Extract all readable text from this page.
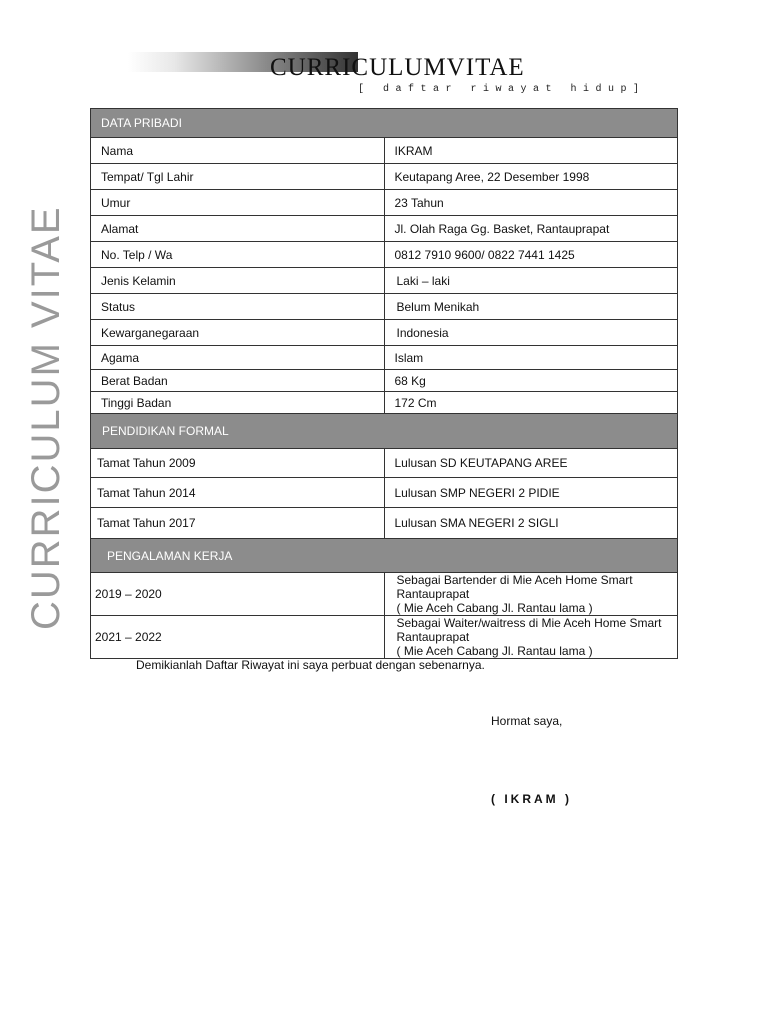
CURRICULUM VITAE
CURRICULUMVITAE
[ daftar riwayat hidup]
DATA PRIBADI	
Nama	IKRAM
Tempat/ Tgl Lahir	Keutapang Aree, 22 Desember 1998
Umur	23 Tahun
Alamat	Jl. Olah Raga Gg. Basket, Rantauprapat
No. Telp / Wa	0812 7910 9600/ 0822 7441 1425
Jenis Kelamin	Laki – laki
Status	Belum Menikah
Kewarganegaraan	Indonesia
Agama	Islam
Berat Badan	68 Kg
Tinggi Badan	172 Cm
PENDIDIKAN FORMAL	
Tamat Tahun 2009	Lulusan SD KEUTAPANG AREE
Tamat Tahun 2014	Lulusan SMP NEGERI 2 PIDIE
Tamat Tahun 2017	Lulusan SMA NEGERI 2 SIGLI
PENGALAMAN KERJA	
2019 – 2020	Sebagai Bartender di Mie Aceh Home Smart Rantauprapat
( Mie Aceh Cabang Jl. Rantau lama )

2021 – 2022	Sebagai Waiter/waitress di Mie Aceh Home Smart Rantauprapat
( Mie Aceh Cabang Jl. Rantau lama )
Demikianlah Daftar Riwayat ini saya perbuat dengan sebenarnya.
Hormat saya,
( IKRAM )
